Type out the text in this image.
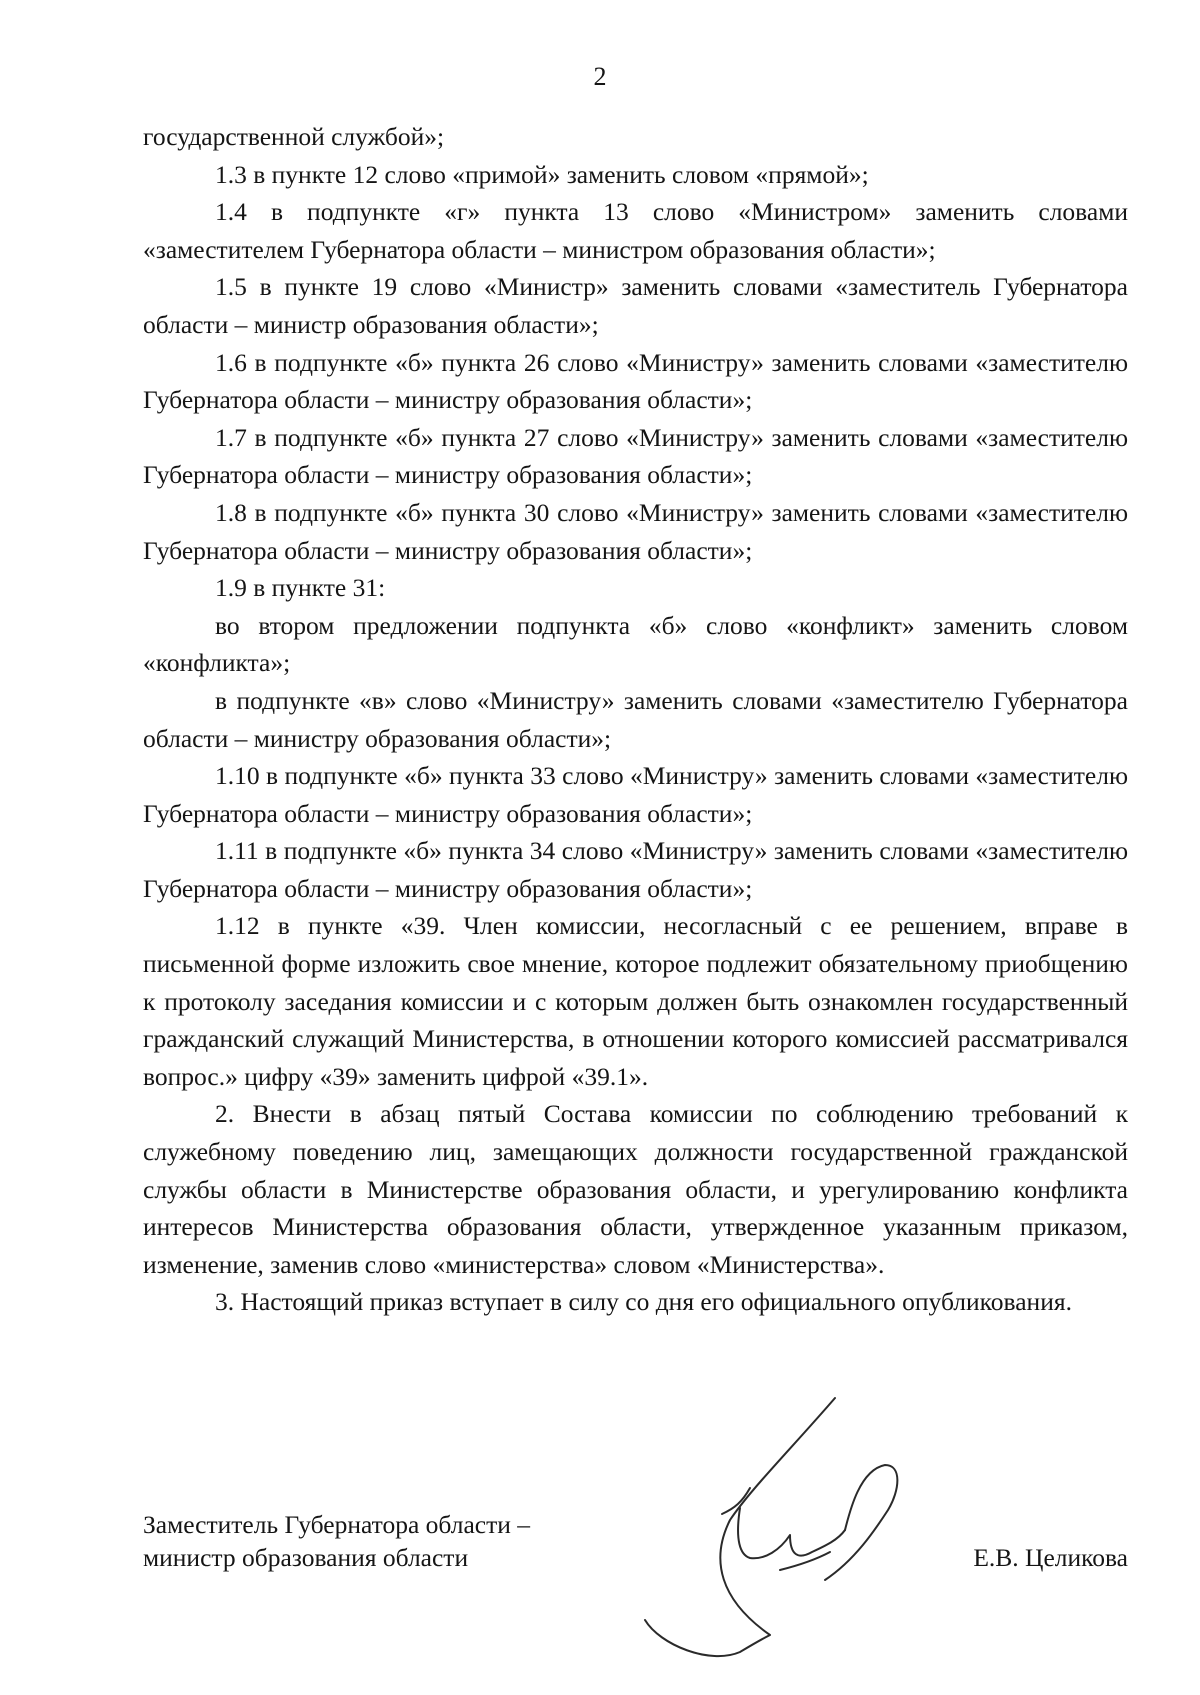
2

государственной службой»;

1.3 в пункте 12 слово «примой» заменить словом «прямой»;

1.4 в подпункте «г» пункта 13 слово «Министром» заменить словами «заместителем Губернатора области – министром образования области»;

1.5 в пункте 19 слово «Министр» заменить словами «заместитель Губернатора области – министр образования области»;

1.6 в подпункте «б» пункта 26 слово «Министру» заменить словами «заместителю Губернатора области – министру образования области»;

1.7 в подпункте «б» пункта 27 слово «Министру» заменить словами «заместителю Губернатора области – министру образования области»;

1.8 в подпункте «б» пункта 30 слово «Министру» заменить словами «заместителю Губернатора области – министру образования области»;

1.9 в пункте 31:

во втором предложении подпункта «б» слово «конфликт» заменить словом «конфликта»;

в подпункте «в» слово «Министру» заменить словами «заместителю Губернатора области – министру образования области»;

1.10 в подпункте «б» пункта 33 слово «Министру» заменить словами «заместителю Губернатора области – министру образования области»;

1.11 в подпункте «б» пункта 34 слово «Министру» заменить словами «заместителю Губернатора области – министру образования области»;

1.12 в пункте «39. Член комиссии, несогласный с ее решением, вправе в письменной форме изложить свое мнение, которое подлежит обязательному приобщению к протоколу заседания комиссии и с которым должен быть ознакомлен государственный гражданский служащий Министерства, в отношении которого комиссией рассматривался вопрос.» цифру «39» заменить цифрой «39.1».

2. Внести в абзац пятый Состава комиссии по соблюдению требований к служебному поведению лиц, замещающих должности государственной гражданской службы области в Министерстве образования области, и урегулированию конфликта интересов Министерства образования области, утвержденное указанным приказом, изменение, заменив слово «министерства» словом «Министерства».

3. Настоящий приказ вступает в силу со дня его официального опубликования.

Заместитель Губернатора области –
министр образования области	Е.В. Целикова
